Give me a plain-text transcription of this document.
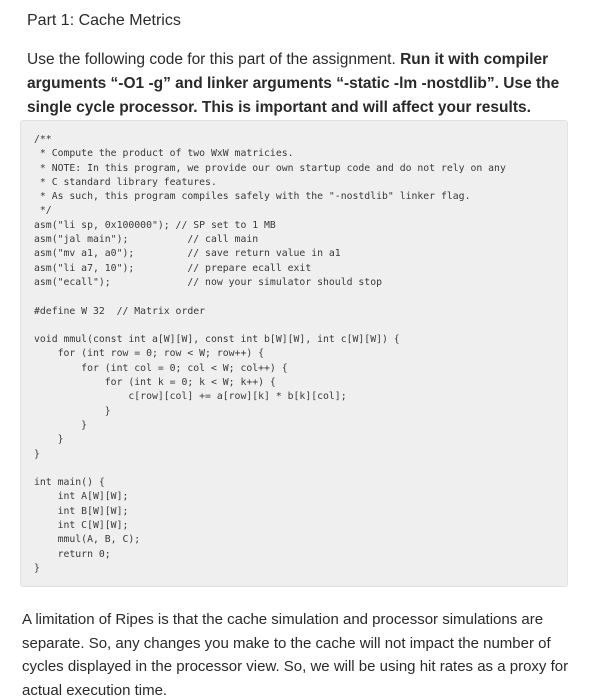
Part 1: Cache Metrics
Use the following code for this part of the assignment. Run it with compiler arguments “-O1 -g” and linker arguments “-static -lm -nostdlib”. Use the single cycle processor. This is important and will affect your results.
/**
* Compute the product of two WxW matricies.
* NOTE: In this program, we provide our own startup code and do not rely on any
* C standard library features.
* As such, this program compiles safely with the "-nostdlib" linker flag.
*/
asm("li sp, 0x100000"); // SP set to 1 MB
asm("jal main");          // call main
asm("mv a1, a0");         // save return value in a1
asm("li a7, 10");         // prepare ecall exit
asm("ecall");             // now your simulator should stop

#define W 32  // Matrix order

void mmul(const int a[W][W], const int b[W][W], int c[W][W]) {
for (int row = 0; row < W; row++) {
for (int col = 0; col < W; col++) {
for (int k = 0; k < W; k++) {
c[row][col] += a[row][k] * b[k][col];
}
}
}
}

int main() {
int A[W][W];
int B[W][W];
int C[W][W];
mmul(A, B, C);
return 0;
}
A limitation of Ripes is that the cache simulation and processor simulations are separate. So, any changes you make to the cache will not impact the number of cycles displayed in the processor view. So, we will be using hit rates as a proxy for actual execution time.
